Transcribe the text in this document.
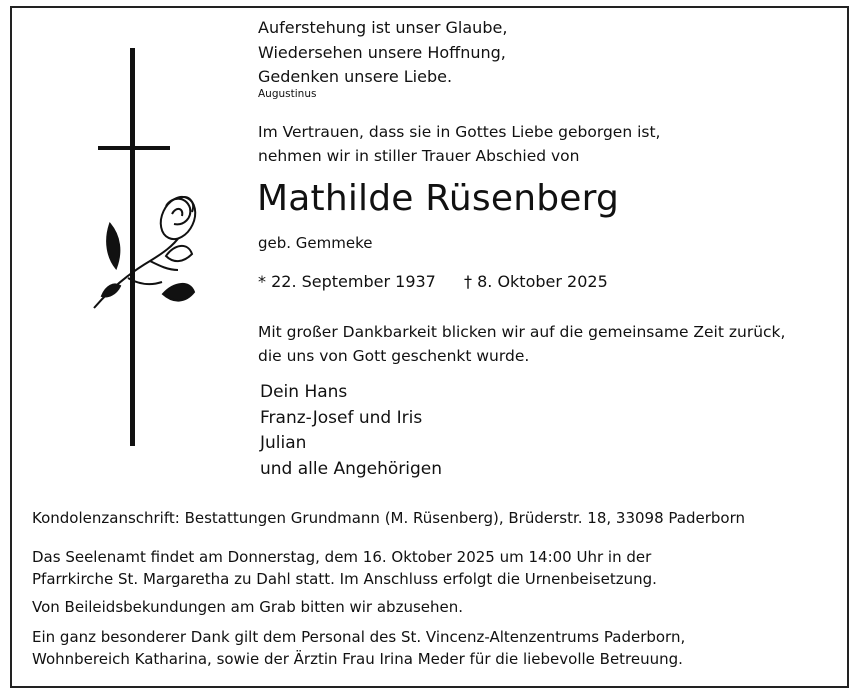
Auferstehung ist unser Glaube,
Wiedersehen unsere Hoffnung,
Gedenken unsere Liebe.
Augustinus
Im Vertrauen, dass sie in Gottes Liebe geborgen ist,
nehmen wir in stiller Trauer Abschied von
Mathilde Rüsenberg
geb. Gemmeke
* 22. September 1937 † 8. Oktober 2025
Mit großer Dankbarkeit blicken wir auf die gemeinsame Zeit zurück,
die uns von Gott geschenkt wurde.
Dein Hans
Franz-Josef und Iris
Julian
und alle Angehörigen
Kondolenzanschrift: Bestattungen Grundmann (M. Rüsenberg), Brüderstr. 18, 33098 Paderborn
Das Seelenamt findet am Donnerstag, dem 16. Oktober 2025 um 14:00 Uhr in der
Pfarrkirche St. Margaretha zu Dahl statt. Im Anschluss erfolgt die Urnenbeisetzung.
Von Beileidsbekundungen am Grab bitten wir abzusehen.
Ein ganz besonderer Dank gilt dem Personal des St. Vincenz-Altenzentrums Paderborn,
Wohnbereich Katharina, sowie der Ärztin Frau Irina Meder für die liebevolle Betreuung.
